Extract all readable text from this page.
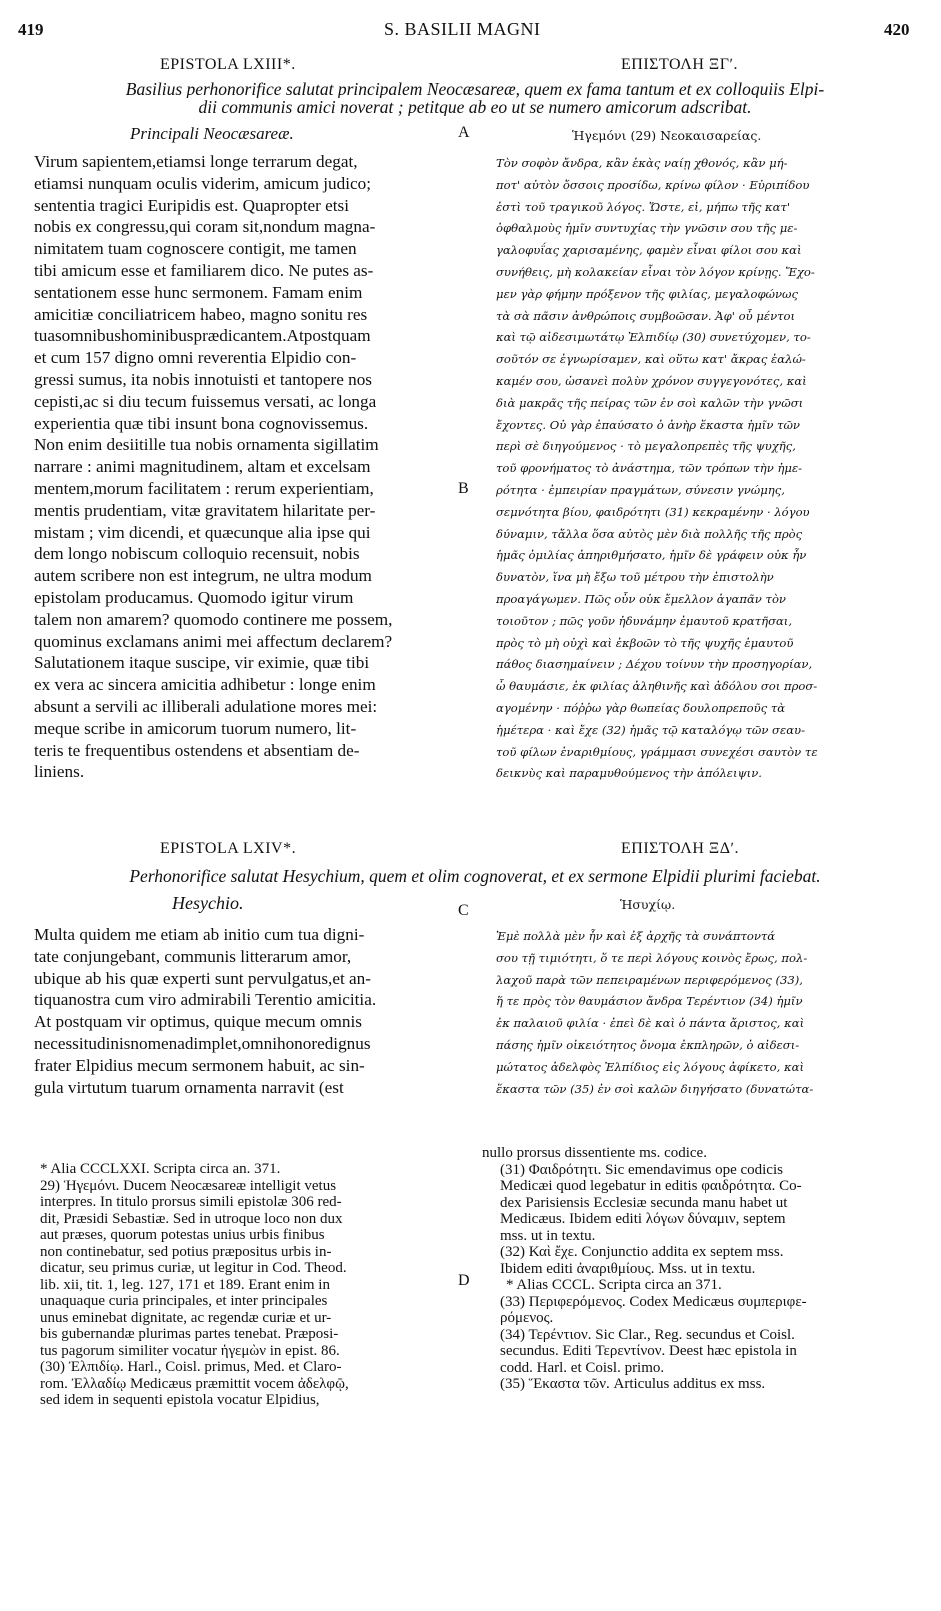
419	S. BASILII MAGNI	420
EPISTOLA LXIII*.	ΕΠΙΣΤΟΛΗ ΞΓʹ.
Basilius perhonorifice salutat principalem Neocæsareæ, quem ex fama tantum et ex colloquiis Elpi-
dii communis amici noverat ; petitque ab eo ut se numero amicorum adscribat.
Principali Neocæsareæ.	Ἡγεμόνι (29) Νεοκαισαρείας.
Virum sapientem,etiamsi longe terrarum degat,
etiamsi nunquam oculis viderim, amicum judico;
sententia tragici Euripidis est. Quapropter etsi
nobis ex congressu,qui coram sit,nondum magna-
nimitatem tuam cognoscere contigit, me tamen
tibi amicum esse et familiarem dico. Ne putes as-
sentationem esse hunc sermonem. Famam enim
amicitiæ conciliatricem habeo, magno sonitu res
tuasomnibushominibusprædicantem.Atpostquam
et cum 157 digno omni reverentia Elpidio con-
gressi sumus, ita nobis innotuisti et tantopere nos
cepisti,ac si diu tecum fuissemus versati, ac longa
experientia quæ tibi insunt bona cognovissemus.
Non enim desiitille tua nobis ornamenta sigillatim
narrare : animi magnitudinem, altam et excelsam
mentem,morum facilitatem : rerum experientiam,
mentis prudentiam, vitæ gravitatem hilaritate per-
mistam ; vim dicendi, et quæcunque alia ipse qui
dem longo nobiscum colloquio recensuit, nobis
autem scribere non est integrum, ne ultra modum
epistolam producamus. Quomodo igitur virum
talem non amarem? quomodo continere me possem,
quominus exclamans animi mei affectum declarem?
Salutationem itaque suscipe, vir eximie, quæ tibi
ex vera ac sincera amicitia adhibetur : longe enim
absunt a servili ac illiberali adulatione mores mei:
meque scribe in amicorum tuorum numero, lit-
teris te frequentibus ostendens et absentiam de-
liniens.
Τὸν σοφὸν ἄνδρα, κἂν ἑκὰς ναίῃ χθονός, κἂν μή-
ποτ' αὐτὸν ὄσσοις προσίδω, κρίνω φίλον · Εὐριπίδου
ἐστὶ τοῦ τραγικοῦ λόγος. Ὥστε, εἰ, μήπω τῆς κατ'
ὀφθαλμοὺς ἡμῖν συντυχίας τὴν γνῶσιν σου τῆς με-
γαλοφυΐας χαρισαμένης, φαμὲν εἶναι φίλοι σου καὶ
συνήθεις, μὴ κολακείαν εἶναι τὸν λόγον κρίνῃς. Ἔχο-
μεν γὰρ φήμην πρόξενον τῆς φιλίας, μεγαλοφώνως
τὰ σὰ πᾶσιν ἀνθρώποις συμβοῶσαν. Ἀφ' οὗ μέντοι
καὶ τῷ αἰδεσιμωτάτῳ Ἐλπιδίῳ (30) συνετύχομεν, το-
σοῦτόν σε ἐγνωρίσαμεν, καὶ οὕτω κατ' ἄκρας ἑαλώ-
καμέν σου, ὡσανεὶ πολὺν χρόνον συγγεγονότες, καὶ
διὰ μακρᾶς τῆς πείρας τῶν ἐν σοὶ καλῶν τὴν γνῶσι
ἔχοντες. Οὐ γὰρ ἐπαύσατο ὁ ἀνὴρ ἕκαστα ἡμῖν τῶν
περὶ σὲ διηγούμενος · τὸ μεγαλοπρεπὲς τῆς ψυχῆς,
τοῦ φρονήματος τὸ ἀνάστημα, τῶν τρόπων τὴν ἡμε-
ρότητα · ἐμπειρίαν πραγμάτων, σύνεσιν γνώμης,
σεμνότητα βίου, φαιδρότητι (31) κεκραμένην · λόγου
δύναμιν, τἄλλα ὅσα αὐτὸς μὲν διὰ πολλῆς τῆς πρὸς
ἡμᾶς ὁμιλίας ἀπηριθμήσατο, ἡμῖν δὲ γράφειν οὐκ ἦν
δυνατὸν, ἵνα μὴ ἔξω τοῦ μέτρου τὴν ἐπιστολὴν
προαγάγωμεν. Πῶς οὖν οὐκ ἔμελλον ἀγαπᾶν τὸν
τοιοῦτον ; πῶς γοῦν ἠδυνάμην ἐμαυτοῦ κρατῆσαι,
πρὸς τὸ μὴ οὐχὶ καὶ ἐκβοῶν τὸ τῆς ψυχῆς ἐμαυτοῦ
πάθος διασημαίνειν ; Δέχου τοίνυν τὴν προσηγορίαν,
ὦ θαυμάσιε, ἐκ φιλίας ἀληθινῆς καὶ ἀδόλου σοι προσ-
αγομένην · πόῤῥω γὰρ θωπείας δουλοπρεποῦς τὰ
ἡμέτερα · καὶ ἔχε (32) ἡμᾶς τῷ καταλόγῳ τῶν σεαυ-
τοῦ φίλων ἐναριθμίους, γράμμασι συνεχέσι σαυτὸν τε
δεικνὺς καὶ παραμυθούμενος τὴν ἀπόλειψιν.
A
B
C
D
EPISTOLA LXIV*.	ΕΠΙΣΤΟΛΗ ΞΔʹ.
Perhonorifice salutat Hesychium, quem et olim cognoverat, et ex sermone Elpidii plurimi faciebat.
Hesychio.	Ἡσυχίῳ.
Multa quidem me etiam ab initio cum tua digni-
tate conjungebant, communis litterarum amor,
ubique ab his quæ experti sunt pervulgatus,et an-
tiquanostra cum viro admirabili Terentio amicitia.
At postquam vir optimus, quique mecum omnis
necessitudinisnomenadimplet,omnihonoredignus
frater Elpidius mecum sermonem habuit, ac sin-
gula virtutum tuarum ornamenta narravit (est
Ἐμὲ πολλὰ μὲν ἦν καὶ ἐξ ἀρχῆς τὰ συνάπτοντά
σου τῇ τιμιότητι, ὅ τε περὶ λόγους κοινὸς ἔρως, πολ-
λαχοῦ παρὰ τῶν πεπειραμένων περιφερόμενος (33),
ἥ τε πρὸς τὸν θαυμάσιον ἄνδρα Τερέντιον (34) ἡμῖν
ἐκ παλαιοῦ φιλία · ἐπεὶ δὲ καὶ ὁ πάντα ἄριστος, καὶ
πάσης ἡμῖν οἰκειότητος ὄνομα ἐκπληρῶν, ὁ αἰδεσι-
μώτατος ἀδελφὸς Ἐλπίδιος εἰς λόγους ἀφίκετο, καὶ
ἕκαστα τῶν (35) ἐν σοὶ καλῶν διηγήσατο (δυνατώτα-
* Alia CCCLXXI. Scripta circa an. 371.
29) Ἡγεμόνι. Ducem Neocæsareæ intelligit vetus
interpres. In titulo prorsus simili epistolæ 306 red-
dit, Præsidi Sebastiæ. Sed in utroque loco non dux
aut præses, quorum potestas unius urbis finibus
non continebatur, sed potius præpositus urbis in-
dicatur, seu primus curiæ, ut legitur in Cod. Theod.
lib. xii, tit. 1, leg. 127, 171 et 189. Erant enim in
unaquaque curia principales, et inter principales
unus eminebat dignitate, ac regendæ curiæ et ur-
bis gubernandæ plurimas partes tenebat. Præposi-
tus pagorum similiter vocatur ἡγεμὼν in epist. 86.
(30) Ἐλπιδίῳ. Harl., Coisl. primus, Med. et Claro-
rom. Ἐλλαδίῳ Medicæus præmittit vocem ἀδελφῷ,
sed idem in sequenti epistola vocatur Elpidius,
nullo prorsus dissentiente ms. codice.
(31) Φαιδρότητι. Sic emendavimus ope codicis
Medicæi quod legebatur in editis φαιδρότητα. Co-
dex Parisiensis Ecclesiæ secunda manu habet ut
Medicæus. Ibidem editi λόγων δύναμιν, septem
mss. ut in textu.
(32) Καὶ ἔχε. Conjunctio addita ex septem mss.
Ibidem editi ἀναριθμίους. Mss. ut in textu.
* Alias CCCL. Scripta circa an 371.
(33) Περιφερόμενος. Codex Medicæus συμπεριφε-
ρόμενος.
(34) Τερέντιον. Sic Clar., Reg. secundus et Coisl.
secundus. Editi Τερεντίνον. Deest hæc epistola in
codd. Harl. et Coisl. primo.
(35) Ἕκαστα τῶν. Articulus additus ex mss.
